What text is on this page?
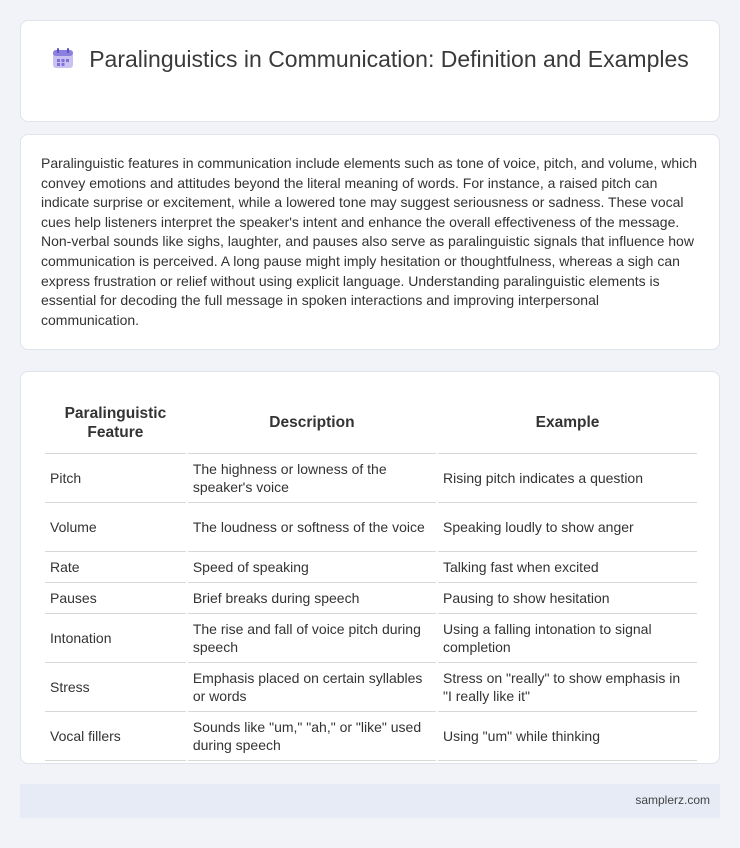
Paralinguistics in Communication: Definition and Examples

Paralinguistic features in communication include elements such as tone of voice, pitch, and volume, which convey emotions and attitudes beyond the literal meaning of words. For instance, a raised pitch can indicate surprise or excitement, while a lowered tone may suggest seriousness or sadness. These vocal cues help listeners interpret the speaker's intent and enhance the overall effectiveness of the message. Non-verbal sounds like sighs, laughter, and pauses also serve as paralinguistic signals that influence how communication is perceived. A long pause might imply hesitation or thoughtfulness, whereas a sigh can express frustration or relief without using explicit language. Understanding paralinguistic elements is essential for decoding the full message in spoken interactions and improving interpersonal communication.

Paralinguistic Feature	Description	Example
Pitch	The highness or lowness of the speaker's voice	Rising pitch indicates a question
Volume	The loudness or softness of the voice	Speaking loudly to show anger
Rate	Speed of speaking	Talking fast when excited
Pauses	Brief breaks during speech	Pausing to show hesitation
Intonation	The rise and fall of voice pitch during speech	Using a falling intonation to signal completion
Stress	Emphasis placed on certain syllables or words	Stress on "really" to show emphasis in "I really like it"
Vocal fillers	Sounds like "um," "ah," or "like" used during speech	Using "um" while thinking
samplerz.com
